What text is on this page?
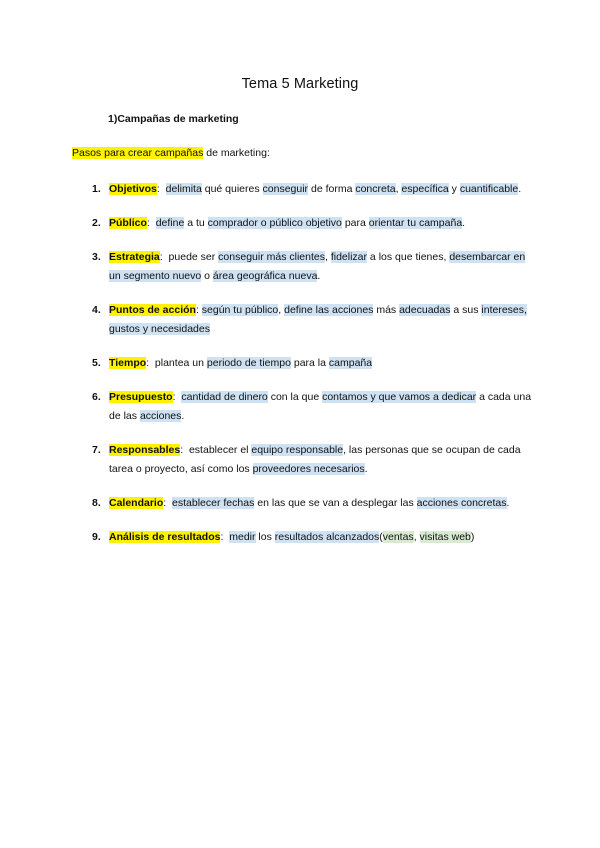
Tema 5 Marketing
1)Campañas de marketing
Pasos para crear campañas de marketing:
1. Objetivos:  delimita qué quieres conseguir de forma concreta, específica y cuantificable.
2. Público:  define a tu comprador o público objetivo para orientar tu campaña.
3. Estrategia:  puede ser conseguir más clientes, fidelizar a los que tienes, desembarcar en un segmento nuevo o área geográfica nueva.
4. Puntos de acción: según tu público, define las acciones más adecuadas a sus intereses, gustos y necesidades
5. Tiempo:  plantea un periodo de tiempo para la campaña
6. Presupuesto:  cantidad de dinero con la que contamos y que vamos a dedicar a cada una de las acciones.
7. Responsables:  establecer el equipo responsable, las personas que se ocupan de cada tarea o proyecto, así como los proveedores necesarios.
8. Calendario:  establecer fechas en las que se van a desplegar las acciones concretas.
9. Análisis de resultados:  medir los resultados alcanzados(ventas, visitas web)
